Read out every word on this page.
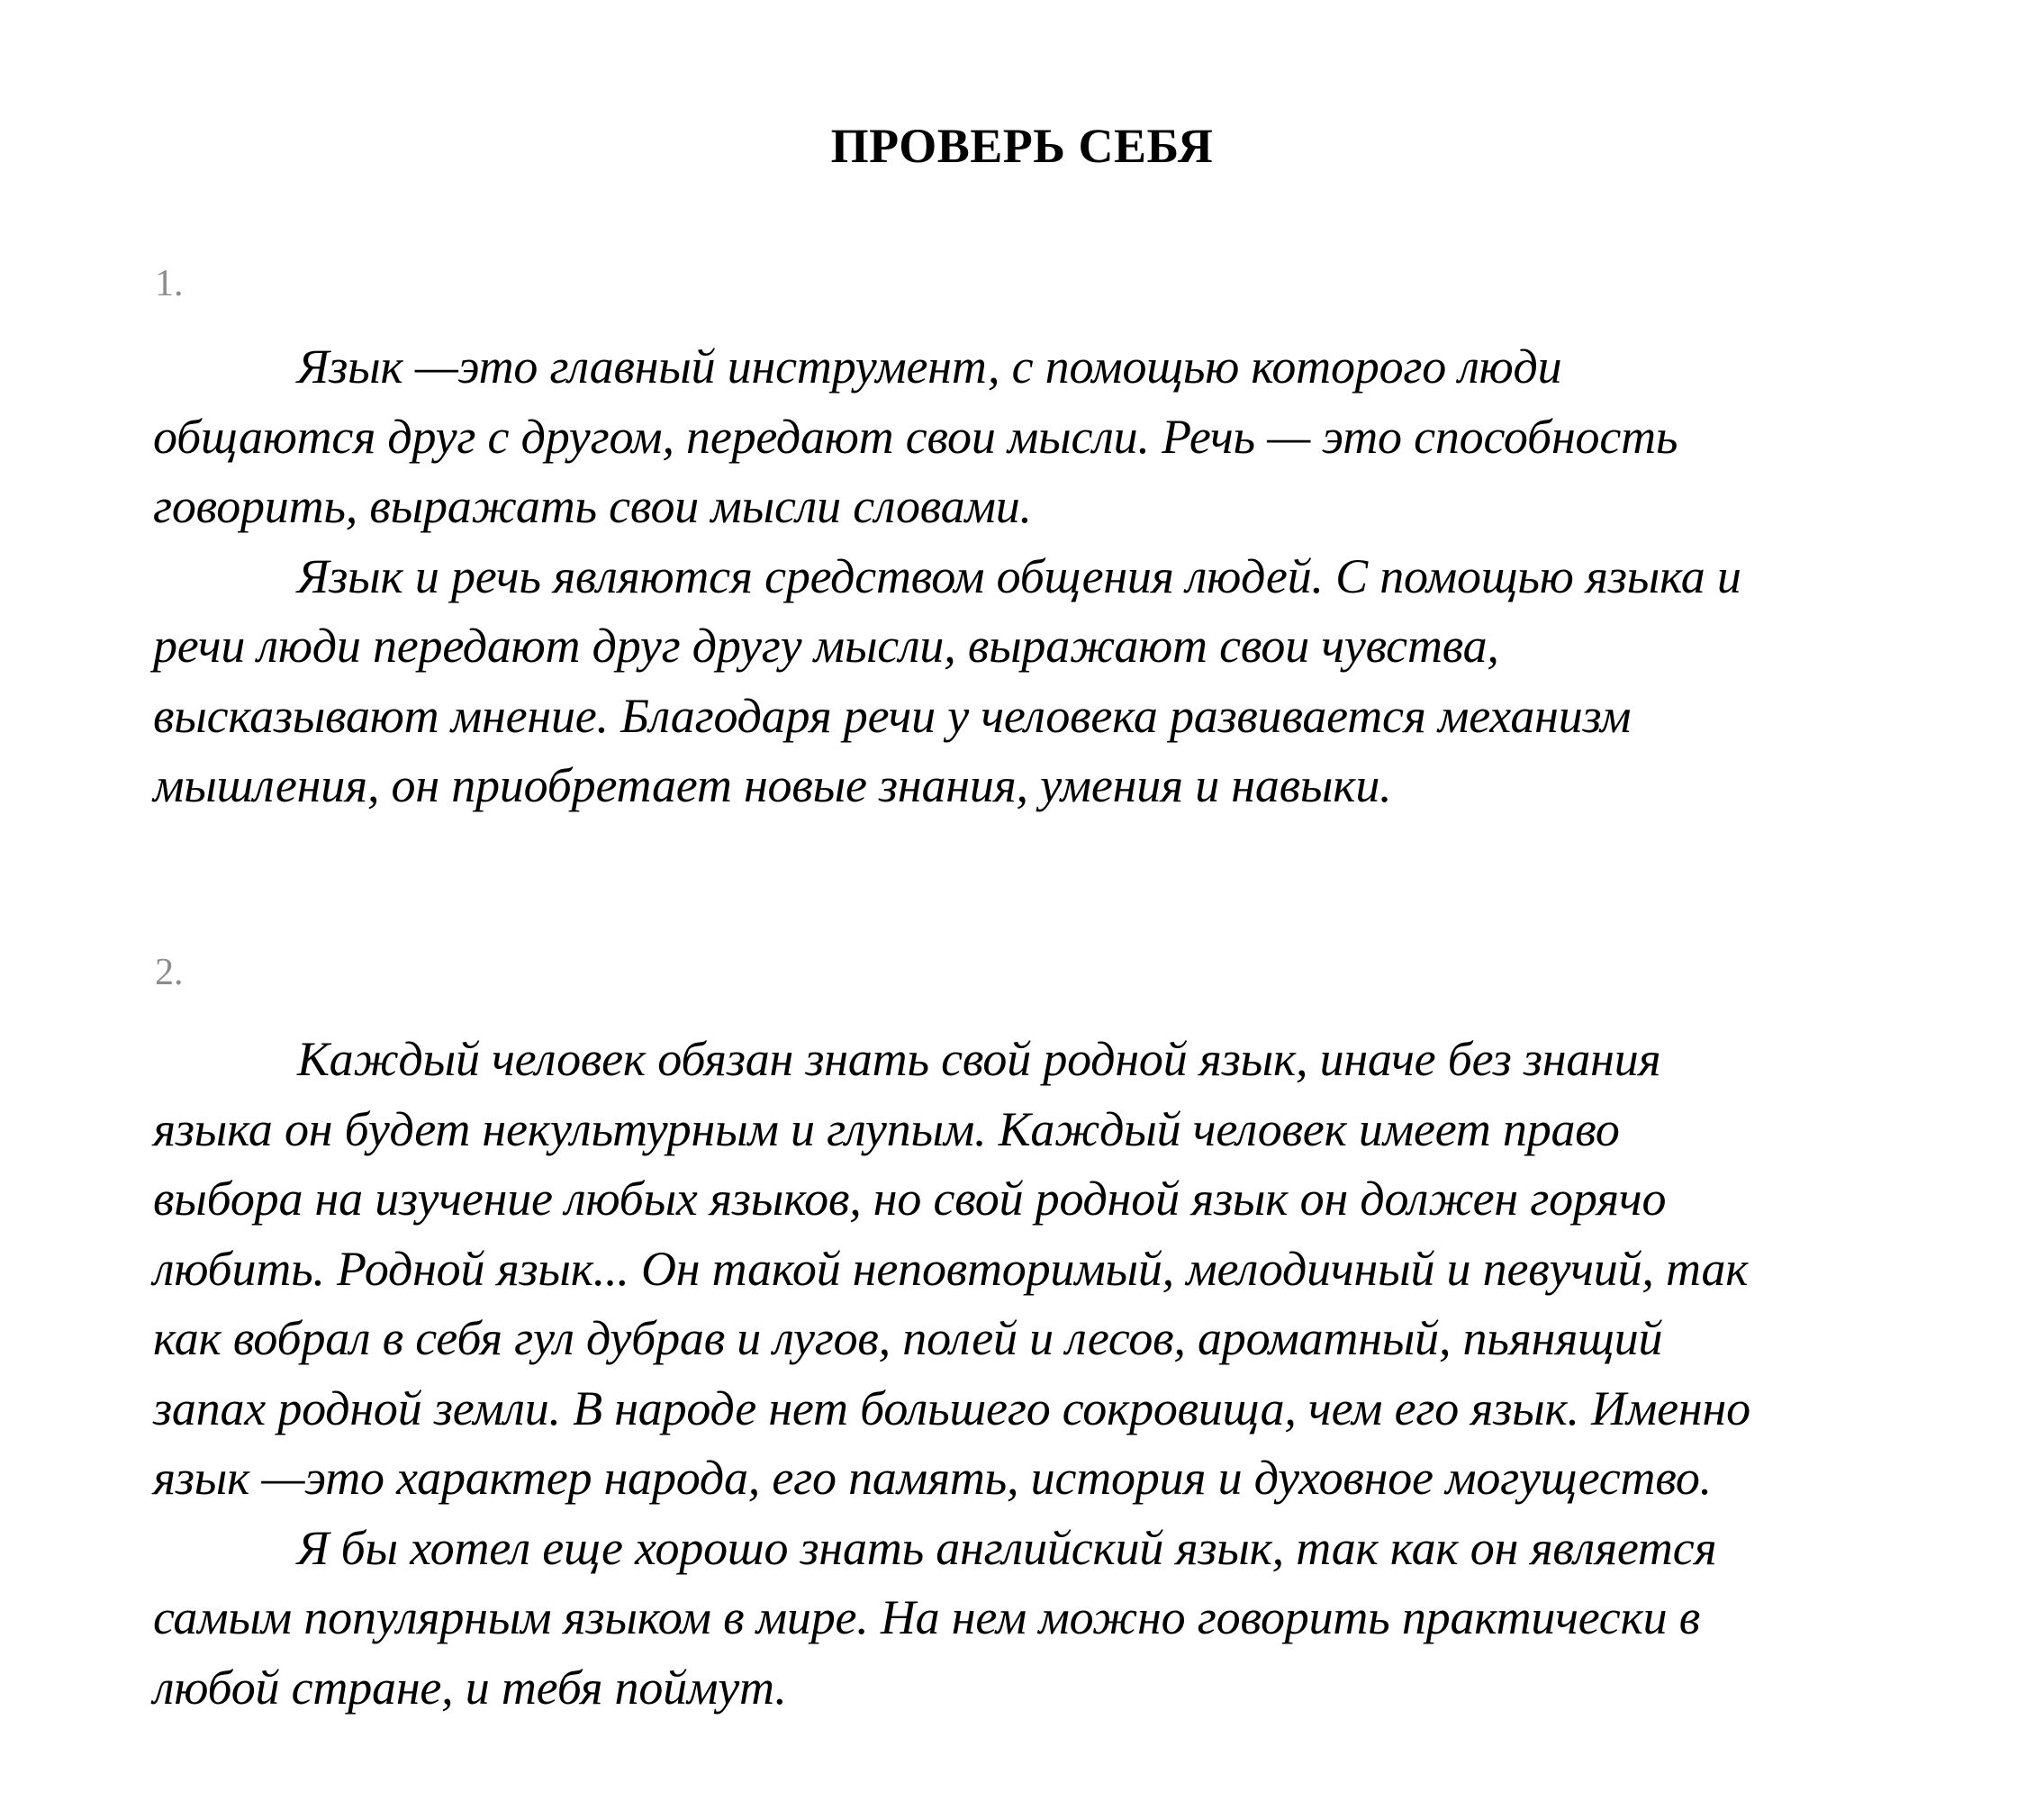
ПРОВЕРЬ СЕБЯ
1.
Язык —это главный инструмент, с помощью которого люди
общаются друг с другом, передают свои мысли. Речь — это способность
говорить, выражать свои мысли словами.
Язык и речь являются средством общения людей. С помощью языка и
речи люди передают друг другу мысли, выражают свои чувства,
высказывают мнение. Благодаря речи у человека развивается механизм
мышления, он приобретает новые знания, умения и навыки.
2.
Каждый человек обязан знать свой родной язык, иначе без знания
языка он будет некультурным и глупым. Каждый человек имеет право
выбора на изучение любых языков, но свой родной язык он должен горячо
любить. Родной язык... Он такой неповторимый, мелодичный и певучий, так
как вобрал в себя гул дубрав и лугов, полей и лесов, ароматный, пьянящий
запах родной земли. В народе нет большего сокровища, чем его язык. Именно
язык —это характер народа, его память, история и духовное могущество.
Я бы хотел еще хорошо знать английский язык, так как он является
самым популярным языком в мире. На нем можно говорить практически в
любой стране, и тебя поймут.
